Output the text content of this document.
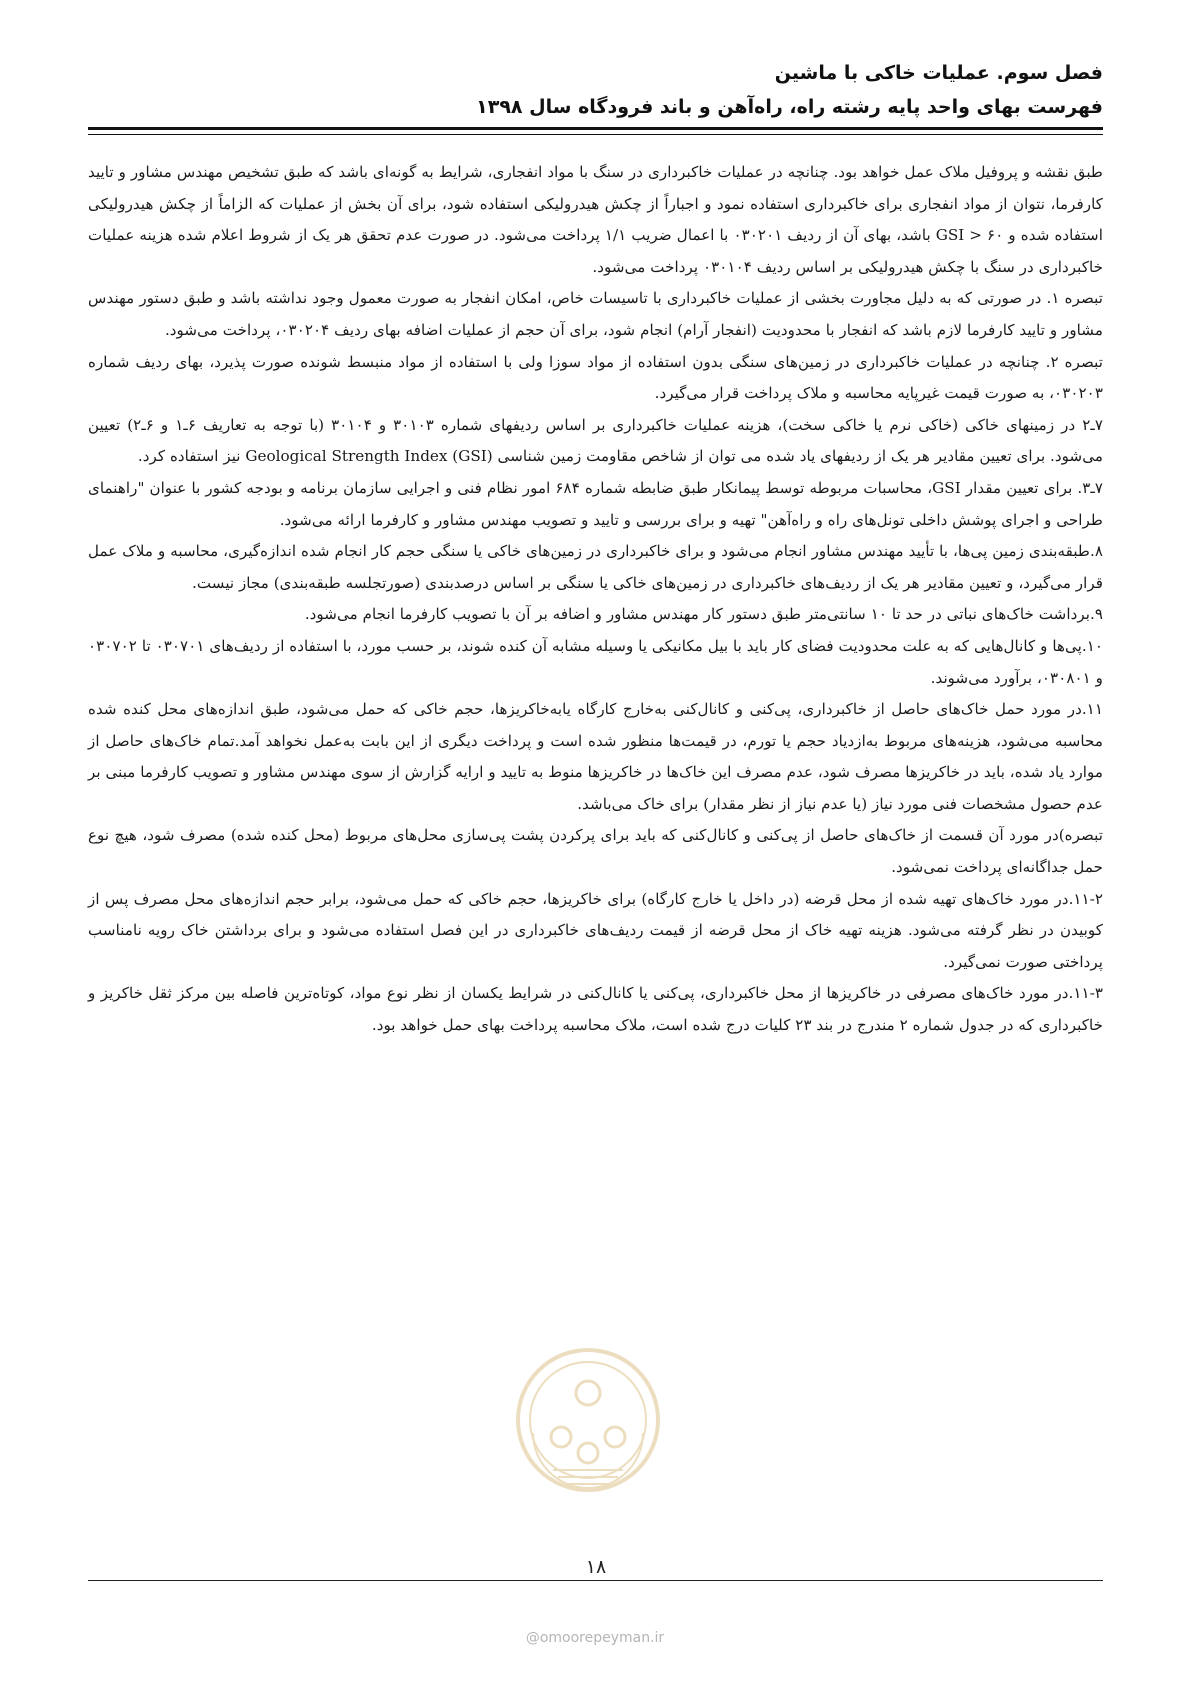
فصل سوم. عملیات خاکی با ماشین
فهرست بهای واحد پایه رشته راه، راه‌آهن و باند فرودگاه سال ۱۳۹۸

طبق نقشه و پروفیل ملاک عمل خواهد بود. چنانچه در عملیات خاکبرداری در سنگ با مواد انفجاری، شرایط به گونه‌ای باشد که طبق تشخیص مهندس مشاور و تایید کارفرما، نتوان از مواد انفجاری برای خاکبرداری استفاده نمود و اجباراً از چکش هیدرولیکی استفاده شود، برای آن بخش از عملیات که الزاماً از چکش هیدرولیکی استفاده شده و GSI > ۶۰ باشد، بهای آن از ردیف ۰۳۰۲۰۱ با اعمال ضریب ۱/۱ پرداخت می‌شود. در صورت عدم تحقق هر یک از شروط اعلام شده هزینه عملیات خاکبرداری در سنگ با چکش هیدرولیکی بر اساس ردیف ۰۳۰۱۰۴ پرداخت می‌شود.

تبصره ۱. در صورتی که به دلیل مجاورت بخشی از عملیات خاکبرداری با تاسیسات خاص، امکان انفجار به صورت معمول وجود نداشته باشد و طبق دستور مهندس مشاور و تایید کارفرما لازم باشد که انفجار با محدودیت (انفجار آرام) انجام شود، برای آن حجم از عملیات اضافه بهای ردیف ۰۳۰۲۰۴، پرداخت می‌شود.

تبصره ۲. چنانچه در عملیات خاکبرداری در زمین‌های سنگی بدون استفاده از مواد سوزا ولی با استفاده از مواد منبسط شونده صورت پذیرد، بهای ردیف شماره ۰۳۰۲۰۳، به صورت قیمت غیرپایه محاسبه و ملاک پرداخت قرار می‌گیرد.

۷ـ۲ در زمینهای خاکی (خاکی نرم یا خاکی سخت)، هزینه عملیات خاکبرداری بر اساس ردیفهای شماره ۳۰۱۰۳ و ۳۰۱۰۴ (با توجه به تعاریف ۶ـ۱ و ۶ـ۲) تعیین می‌شود. برای تعیین مقادیر هر یک از ردیفهای یاد شده می توان از شاخص مقاومت زمین شناسی Geological Strength Index (GSI) نیز استفاده کرد.

۷ـ۳. برای تعیین مقدار GSI، محاسبات مربوطه توسط پیمانکار طبق ضابطه شماره ۶۸۴ امور نظام فنی و اجرایی سازمان برنامه و بودجه کشور با عنوان "راهنمای طراحی و اجرای پوشش داخلی تونل‌های راه و راه‌آهن" تهیه و برای بررسی و تایید و تصویب مهندس مشاور و کارفرما ارائه می‌شود.

۸.طبقه‌بندی زمین پی‌ها، با تأیید مهندس مشاور انجام می‌شود و برای خاکبرداری در زمین‌های خاکی یا سنگی حجم کار انجام شده اندازه‌گیری، محاسبه و ملاک عمل قرار می‌گیرد، و تعیین مقادیر هر یک از ردیف‌های خاکبرداری در زمین‌های خاکی یا سنگی بر اساس درصدبندی (صورتجلسه طبقه‌بندی) مجاز نیست.

۹.برداشت خاک‌های نباتی در حد تا ۱۰ سانتی‌متر طبق دستور کار مهندس مشاور و اضافه بر آن با تصویب کارفرما انجام می‌شود.

۱۰.پی‌ها و کانال‌هایی که به علت محدودیت فضای کار باید با بیل مکانیکی یا وسیله مشابه آن کنده شوند، بر حسب مورد، با استفاده از ردیف‌های ۰۳۰۷۰۱ تا ۰۳۰۷۰۲ و ۰۳۰۸۰۱، برآورد می‌شوند.

۱۱.در مورد حمل خاک‌های حاصل از خاکبرداری، پی‌کنی و کانال‌کنی به‌خارج کارگاه یابه‌خاکریزها، حجم خاکی که حمل می‌شود، طبق اندازه‌های محل کنده شده محاسبه می‌شود، هزینه‌های مربوط به‌ازدیاد حجم یا تورم، در قیمت‌ها منظور شده است و پرداخت دیگری از این بابت به‌عمل نخواهد آمد.تمام خاک‌های حاصل از موارد یاد شده، باید در خاکریزها مصرف شود، عدم مصرف این خاک‌ها در خاکریزها منوط به تایید و ارایه گزارش از سوی مهندس مشاور و تصویب کارفرما مبنی بر عدم حصول مشخصات فنی مورد نیاز (یا عدم نیاز از نظر مقدار) برای خاک می‌باشد.

تبصره)در مورد آن قسمت از خاک‌های حاصل از پی‌کنی و کانال‌کنی که باید برای پرکردن پشت پی‌سازی محل‌های مربوط (محل کنده شده) مصرف شود، هیچ نوع حمل جداگانه‌ای پرداخت نمی‌شود.

۱۱-۲.در مورد خاک‌های تهیه شده از محل قرضه (در داخل یا خارج کارگاه) برای خاکریزها، حجم خاکی که حمل می‌شود، برابر حجم اندازه‌های محل مصرف پس از کوبیدن در نظر گرفته می‌شود. هزینه تهیه خاک از محل قرضه از قیمت ردیف‌های خاکبرداری در این فصل استفاده می‌شود و برای برداشتن خاک رویه نامناسب پرداختی صورت نمی‌گیرد.

۱۱-۳.در مورد خاک‌های مصرفی در خاکریزها از محل خاکبرداری، پی‌کنی یا کانال‌کنی در شرایط یکسان از نظر نوع مواد، کوتاه‌ترین فاصله بین مرکز ثقل خاکریز و خاکبرداری که در جدول شماره ۲ مندرج در بند ۲۳ کلیات درج شده است، ملاک محاسبه پرداخت بهای حمل خواهد بود.

۱۸
@omoorepeyman.ir
